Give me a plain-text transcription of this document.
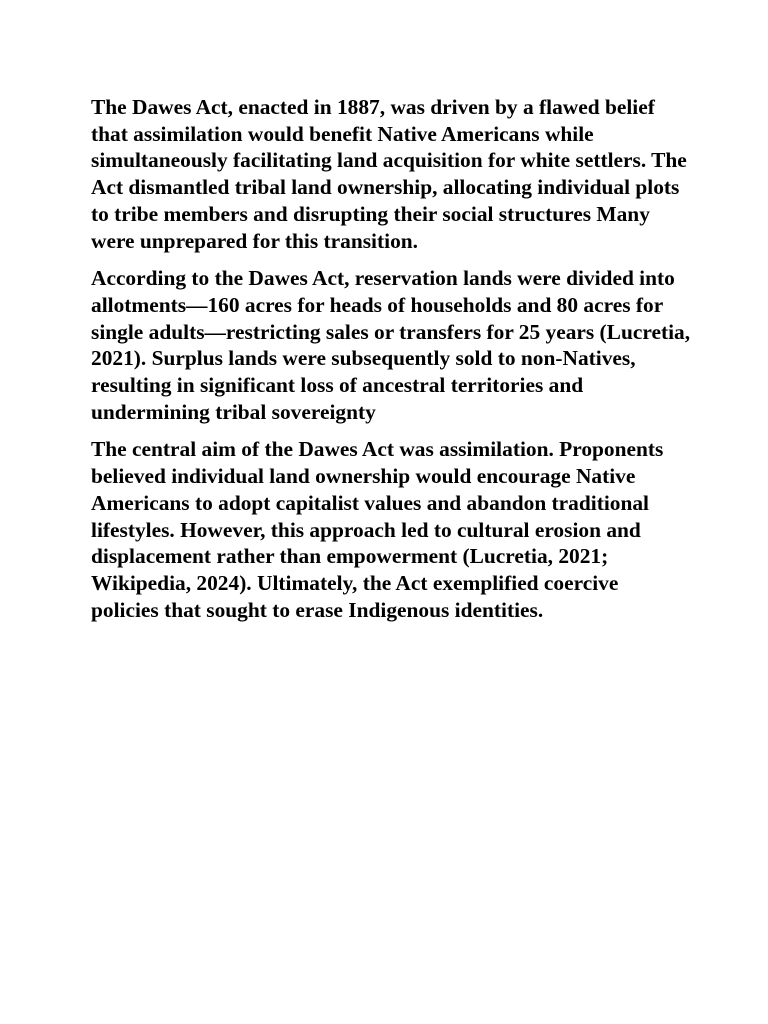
The Dawes Act, enacted in 1887, was driven by a flawed belief that assimilation would benefit Native Americans while simultaneously facilitating land acquisition for white settlers. The Act dismantled tribal land ownership, allocating individual plots to tribe members and disrupting their social structures Many were unprepared for this transition.

According to the Dawes Act, reservation lands were divided into allotments—160 acres for heads of households and 80 acres for single adults—restricting sales or transfers for 25 years (Lucretia, 2021). Surplus lands were subsequently sold to non-Natives, resulting in significant loss of ancestral territories and undermining tribal sovereignty

The central aim of the Dawes Act was assimilation. Proponents believed individual land ownership would encourage Native Americans to adopt capitalist values and abandon traditional lifestyles. However, this approach led to cultural erosion and displacement rather than empowerment (Lucretia, 2021; Wikipedia, 2024). Ultimately, the Act exemplified coercive policies that sought to erase Indigenous identities.
